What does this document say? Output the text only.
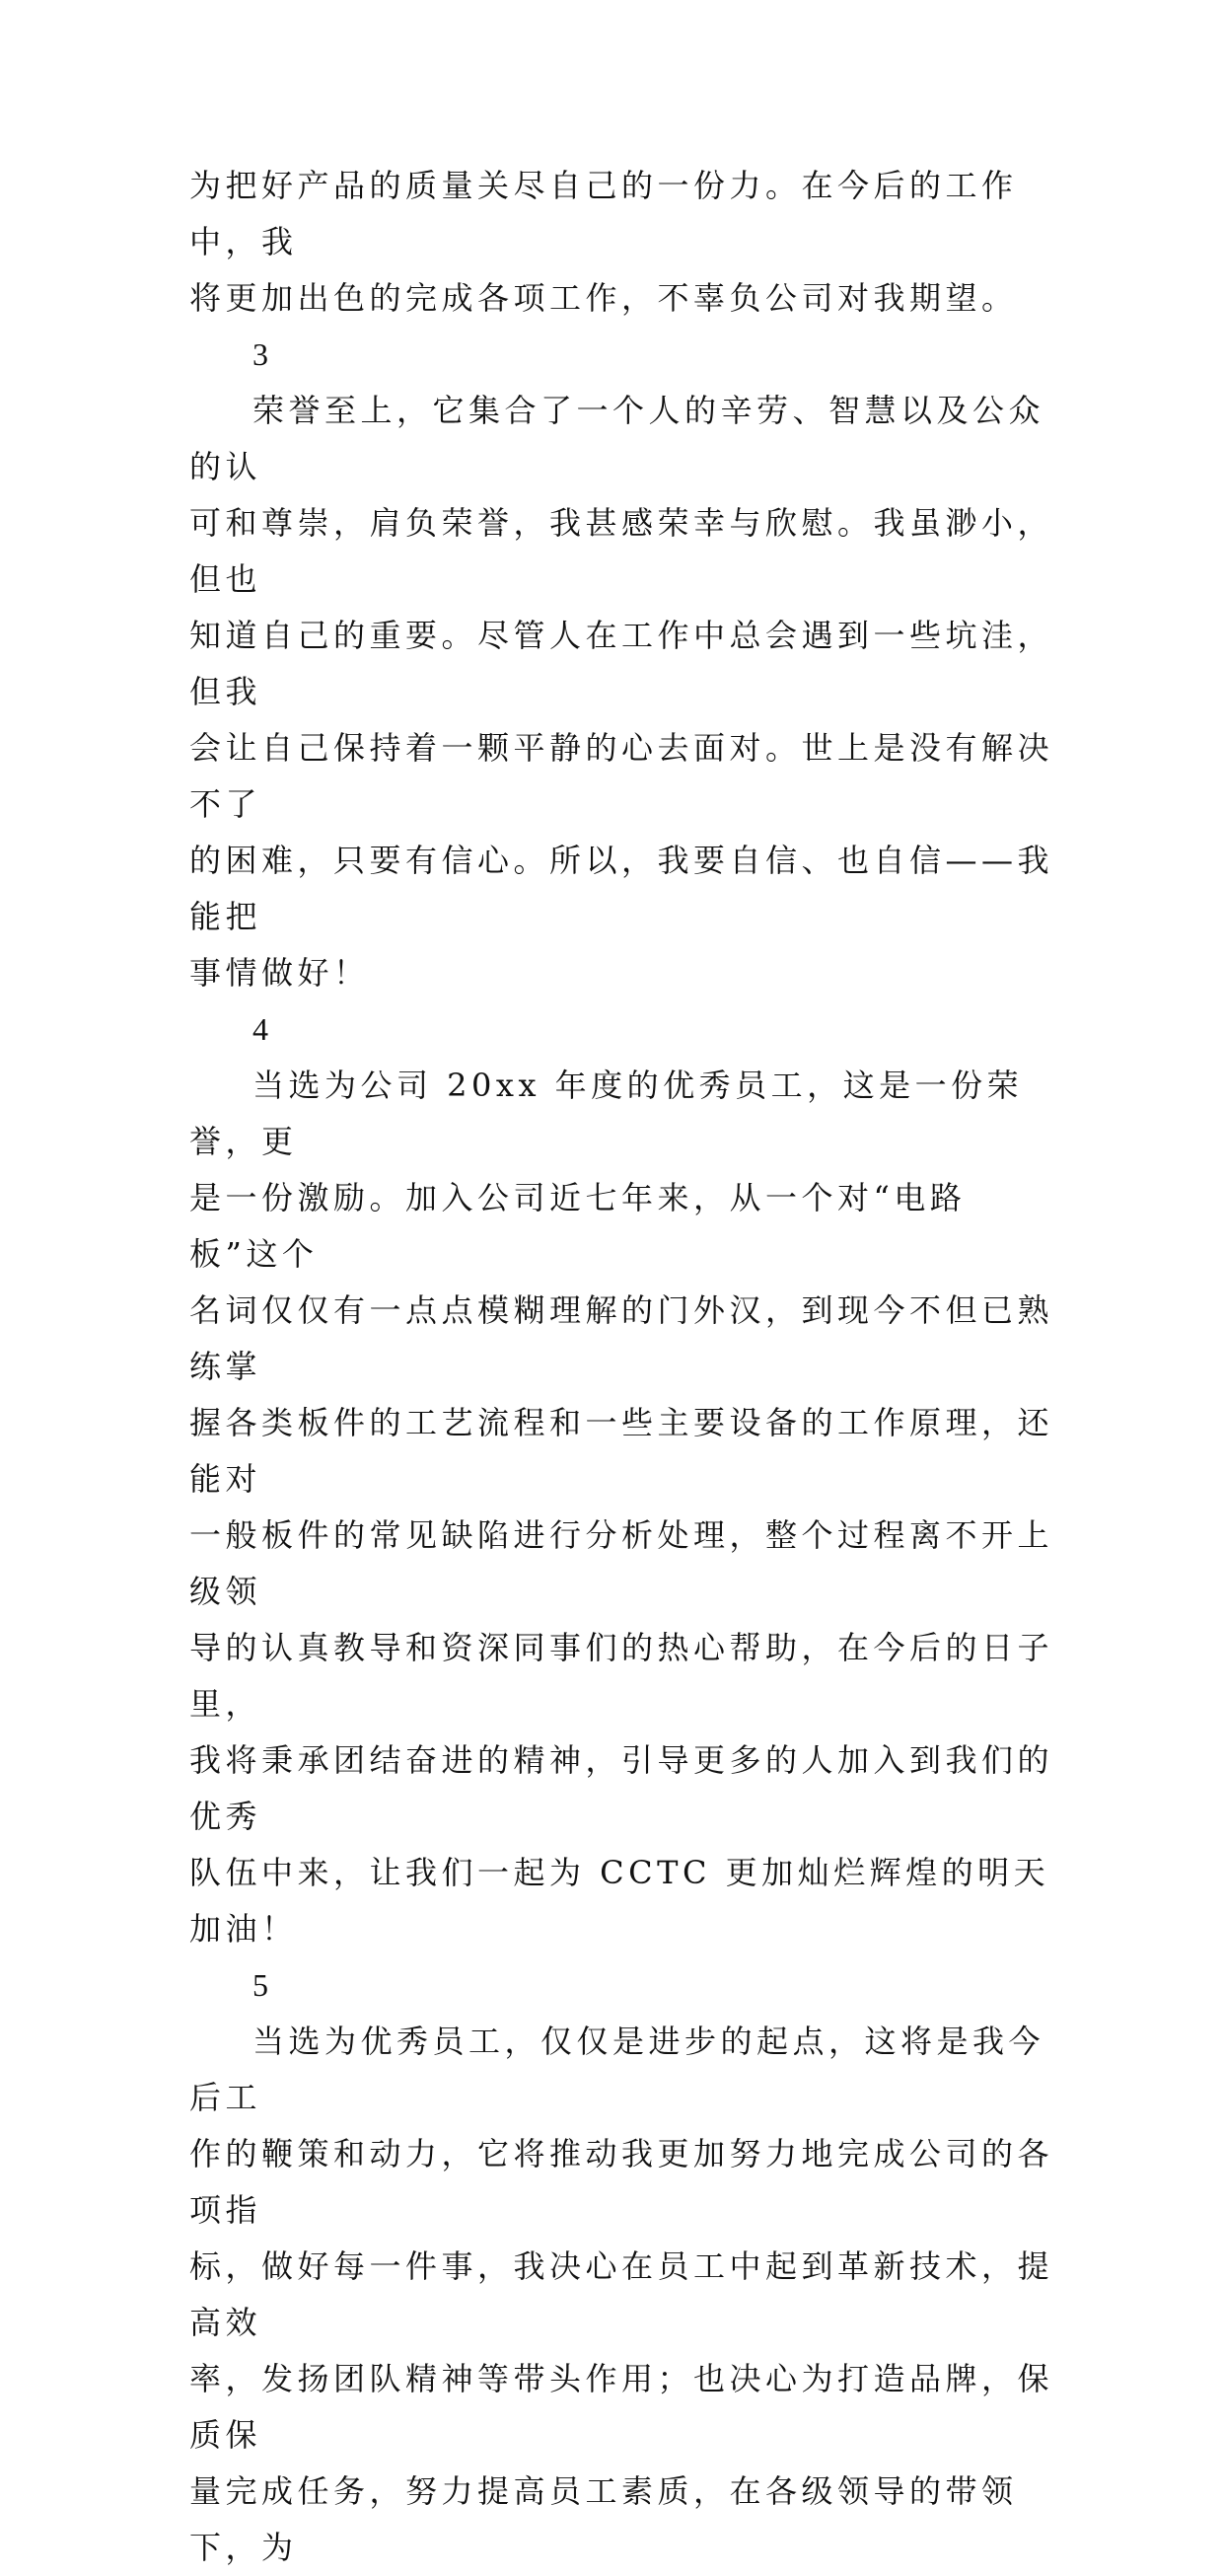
为把好产品的质量关尽自己的一份力。在今后的工作中，我

将更加出色的完成各项工作，不辜负公司对我期望。

3

荣誉至上，它集合了一个人的辛劳、智慧以及公众的认

可和尊崇，肩负荣誉，我甚感荣幸与欣慰。我虽渺小，但也

知道自己的重要。尽管人在工作中总会遇到一些坑洼，但我

会让自己保持着一颗平静的心去面对。世上是没有解决不了

的困难，只要有信心。所以，我要自信、也自信——我能把

事情做好！

4

当选为公司 20xx 年度的优秀员工，这是一份荣誉，更

是一份激励。加入公司近七年来，从一个对“电路板”这个

名词仅仅有一点点模糊理解的门外汉，到现今不但已熟练掌

握各类板件的工艺流程和一些主要设备的工作原理，还能对

一般板件的常见缺陷进行分析处理，整个过程离不开上级领

导的认真教导和资深同事们的热心帮助，在今后的日子里，

我将秉承团结奋进的精神，引导更多的人加入到我们的优秀

队伍中来，让我们一起为 CCTC 更加灿烂辉煌的明天加油！

5

当选为优秀员工，仅仅是进步的起点，这将是我今后工

作的鞭策和动力，它将推动我更加努力地完成公司的各项指

标，做好每一件事，我决心在员工中起到革新技术，提高效

率，发扬团队精神等带头作用；也决心为打造品牌，保质保

量完成任务，努力提高员工素质，在各级领导的带领下，为
